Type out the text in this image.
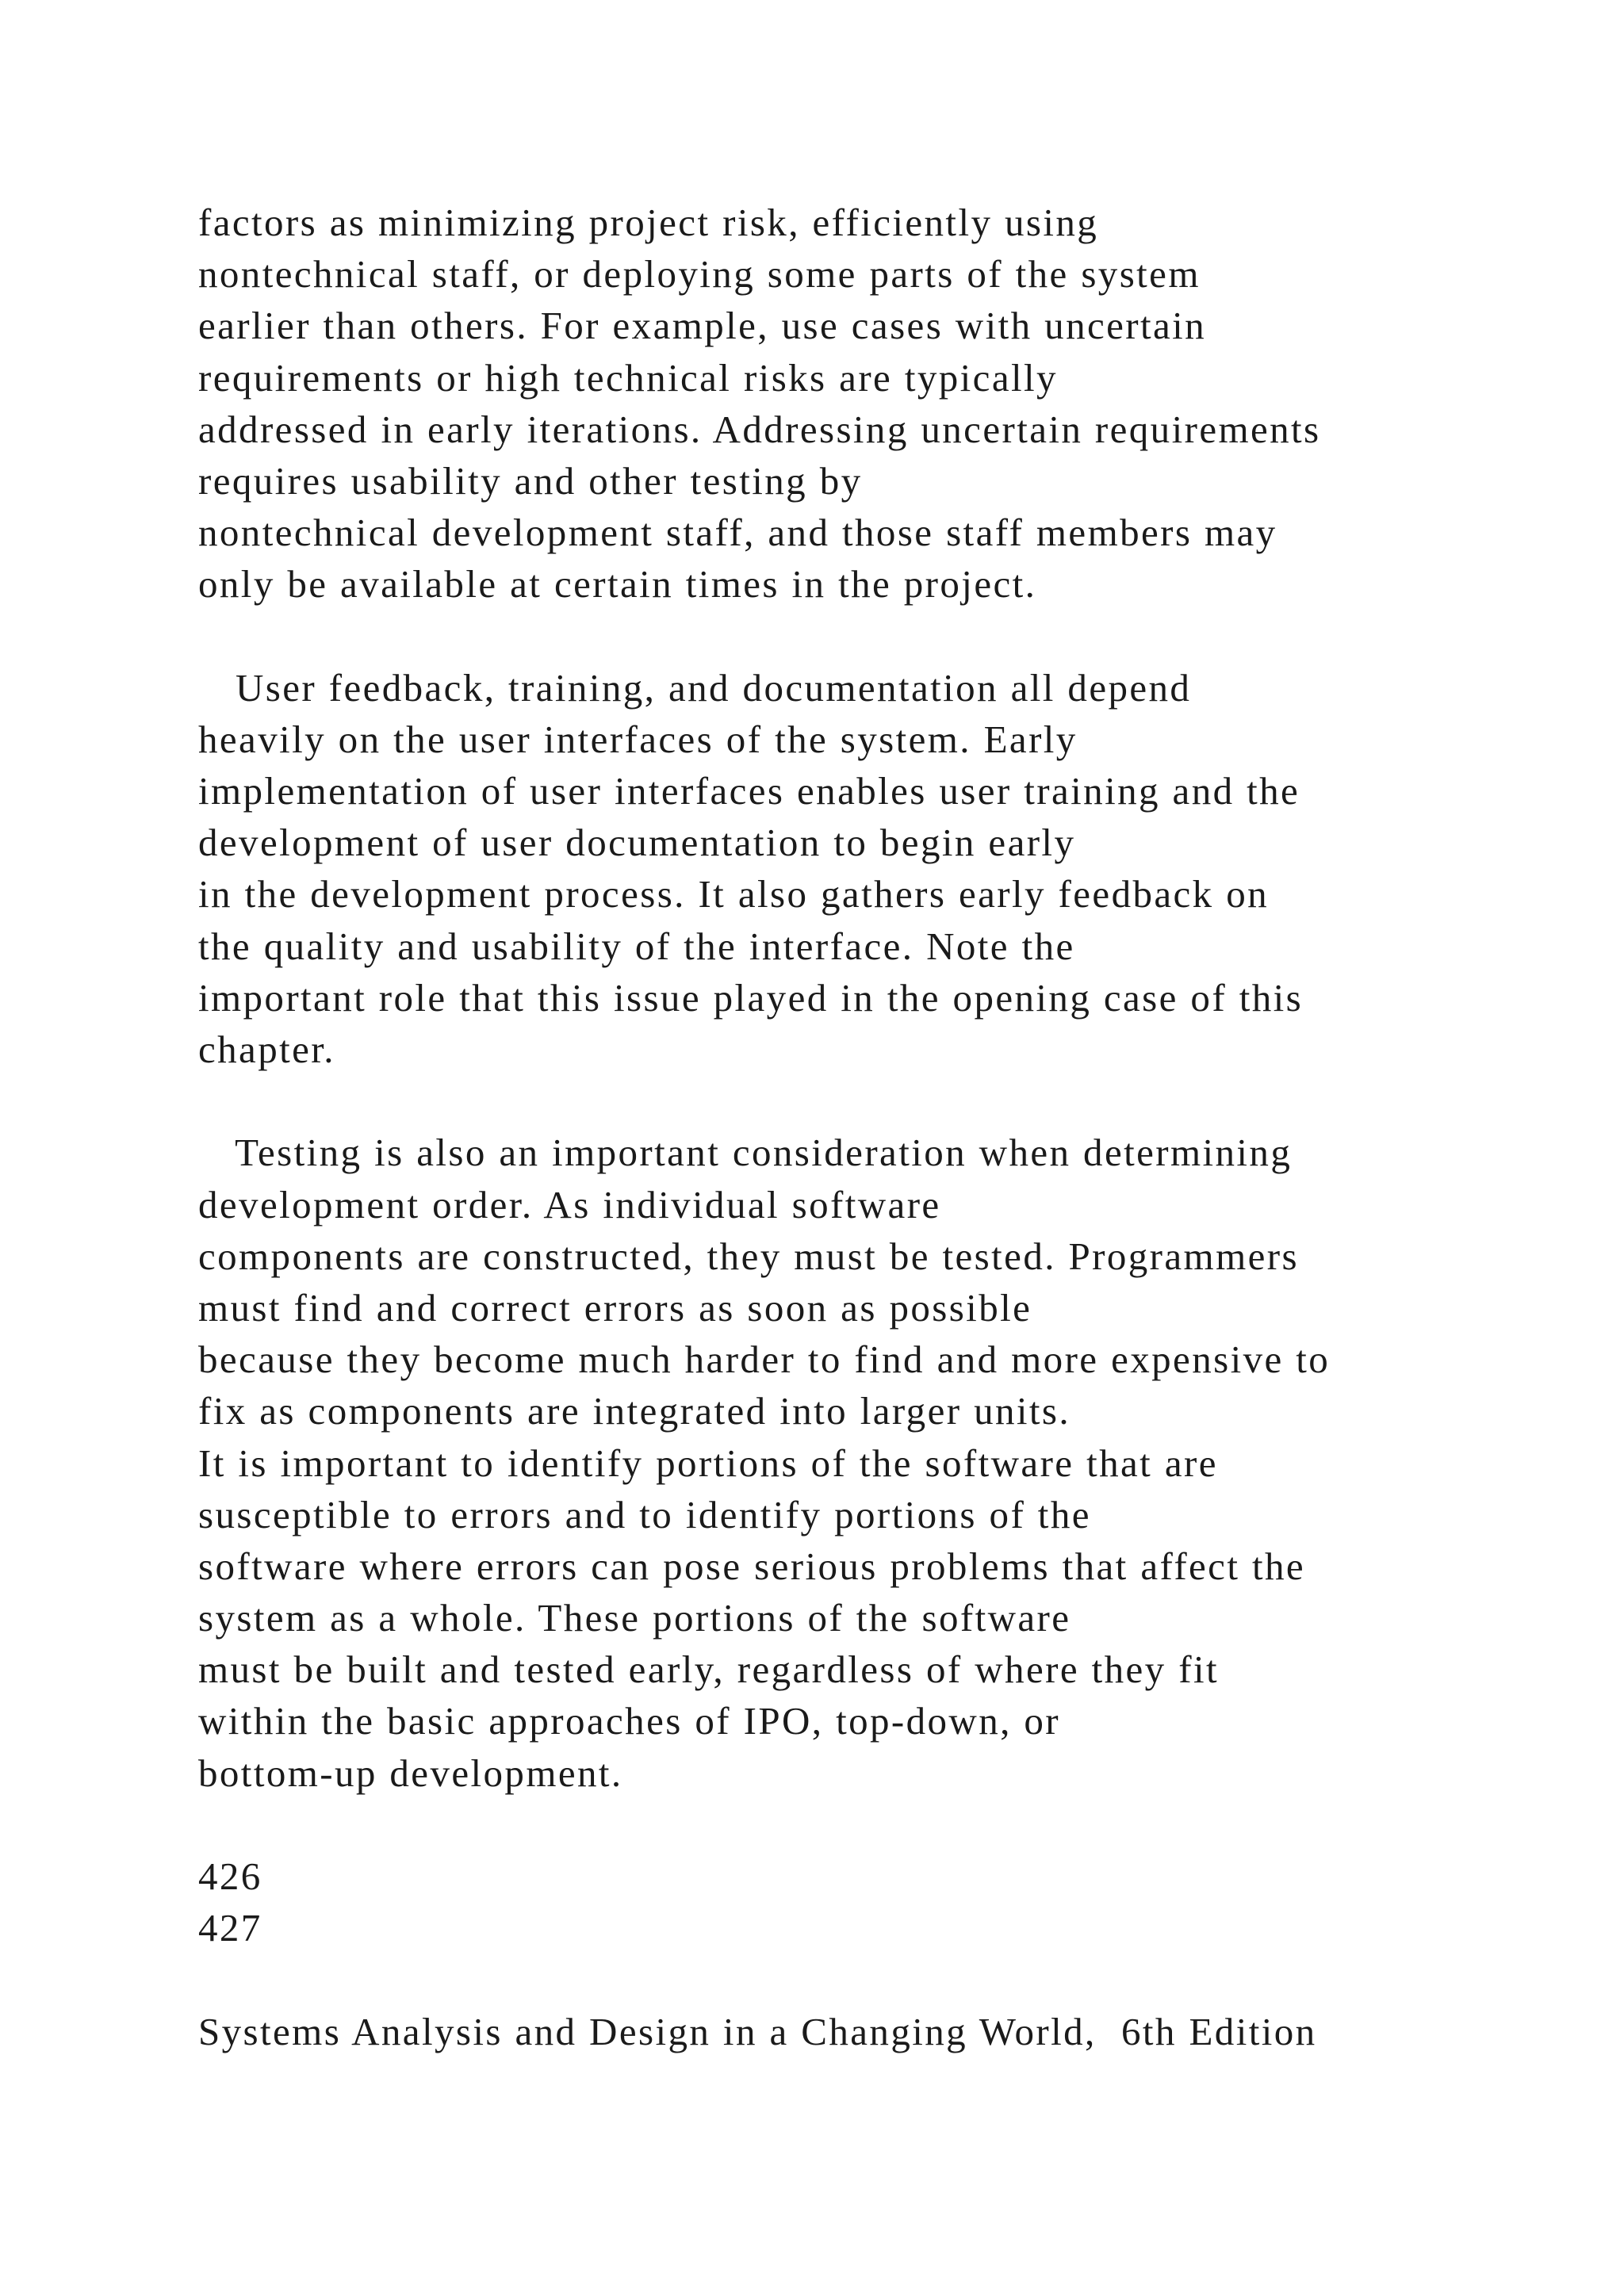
factors as minimizing project risk, efficiently using
nontechnical staff, or deploying some parts of the system
earlier than others. For example, use cases with uncertain
requirements or high technical risks are typically
addressed in early iterations. Addressing uncertain requirements
requires usability and other testing by
nontechnical development staff, and those staff members may
only be available at certain times in the project.
User feedback, training, and documentation all depend
heavily on the user interfaces of the system. Early
implementation of user interfaces enables user training and the
development of user documentation to begin early
in the development process. It also gathers early feedback on
the quality and usability of the interface. Note the
important role that this issue played in the opening case of this
chapter.
Testing is also an important consideration when determining
development order. As individual software
components are constructed, they must be tested. Programmers
must find and correct errors as soon as possible
because they become much harder to find and more expensive to
fix as components are integrated into larger units.
It is important to identify portions of the software that are
susceptible to errors and to identify portions of the
software where errors can pose serious problems that affect the
system as a whole. These portions of the software
must be built and tested early, regardless of where they fit
within the basic approaches of IPO, top-down, or
bottom-up development.
426
427
Systems Analysis and Design in a Changing World,  6th Edition
